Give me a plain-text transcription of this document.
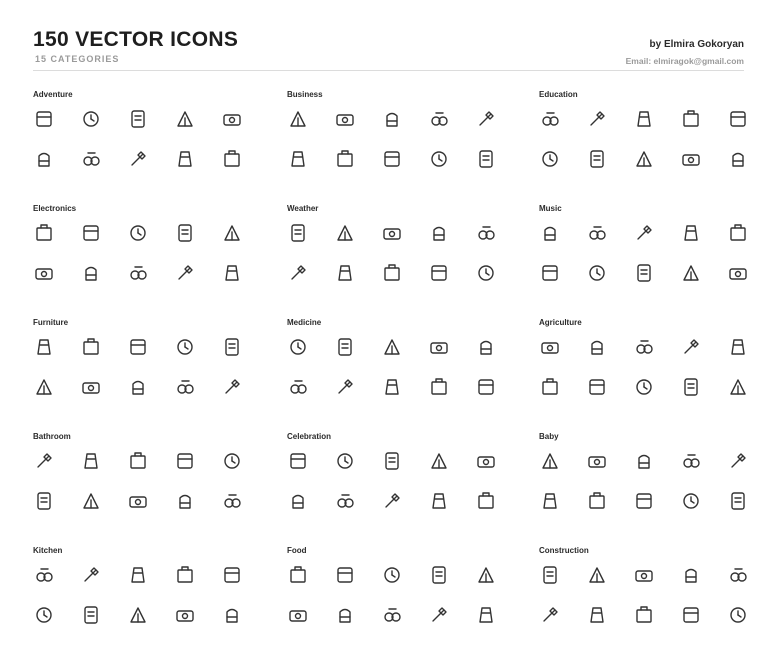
150 VECTOR ICONS
15 CATEGORIES
by Elmira Gokoryan
Email: elmiragok@gmail.com
Adventure	Business	Education
Electronics	Weather	Music
Furniture	Medicine	Agriculture
Bathroom	Celebration	Baby
Kitchen	Food	Construction
